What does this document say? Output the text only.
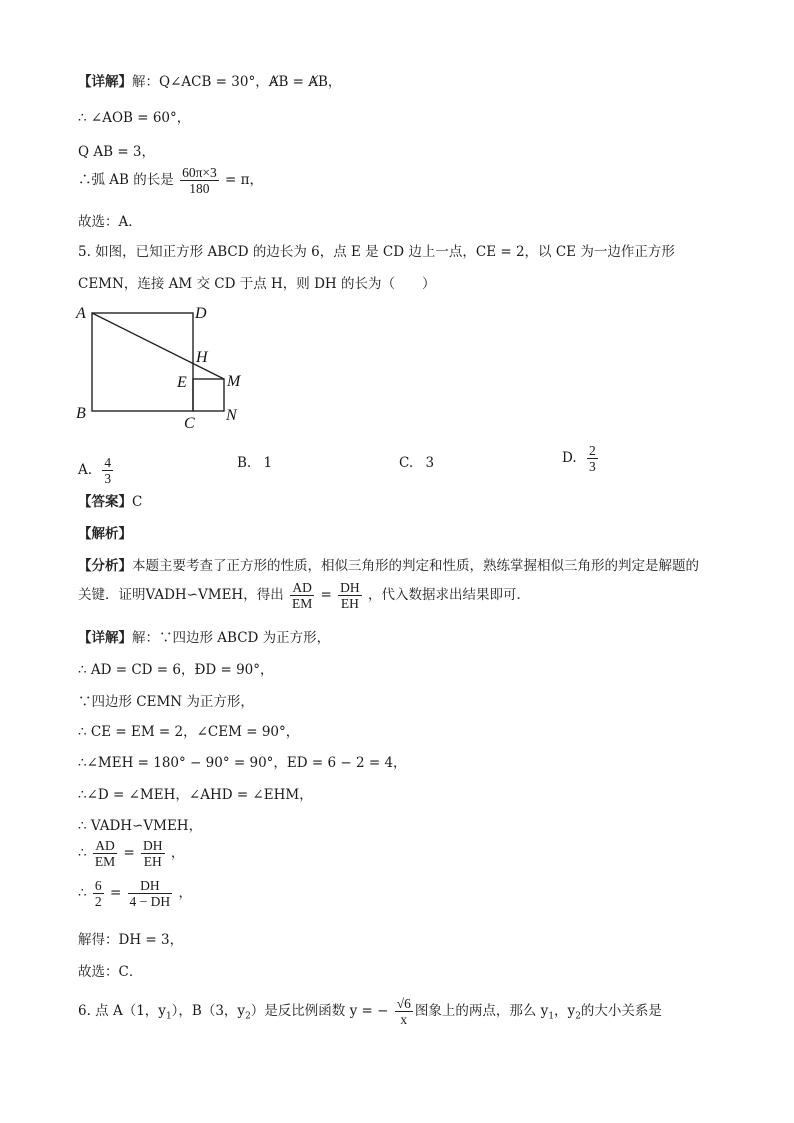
【详解】解：Q∠ACB = 30°，ȺB = ȺB，
∴ ∠AOB = 60°，
Q AB = 3，
∴弧 AB 的长是 $\frac{60\pi\times 3}{180} = \pi$，
故选：A．
5. 如图，已知正方形 ABCD 的边长为 6，点 E 是 CD 边上一点，CE = 2，以 CE 为一边作正方形
CEMN，连接 AM 交 CD 于点 H，则 DH 的长为（　　）
A	D
H
E	M
B
C N
A. $\frac{4}{3}$	B. 1	C. 3	D. $\frac{2}{3}$
【答案】C
【解析】
【分析】本题主要考查了正方形的性质，相似三角形的判定和性质，熟练掌握相似三角形的判定是解题的
关键．证明VADH∽VMEH，得出 $\frac{AD}{EM} = \frac{DH}{EH}$ ，代入数据求出结果即可．
【详解】解：∵四边形 ABCD 为正方形，
∴ AD = CD = 6，ÐD = 90°，
∵四边形 CEMN 为正方形，
∴ CE = EM = 2，∠CEM = 90°，
∴∠MEH = 180° − 90° = 90°，ED = 6 − 2 = 4，
∴∠D = ∠MEH，∠AHD = ∠EHM，
∴ VADH∽VMEH，
∴ $\frac{AD}{EM} = \frac{DH}{EH}$ ，
∴ $\frac{6}{2} = \frac{DH}{4 - DH}$ ，
解得：DH = 3，
故选：C．
6. 点 A（1，$y_1$），B（3，$y_2$）是反比例函数 y = − $\frac{√6}{x}$ 图象上的两点，那么 $y_1$，$y_2$的大小关系是
